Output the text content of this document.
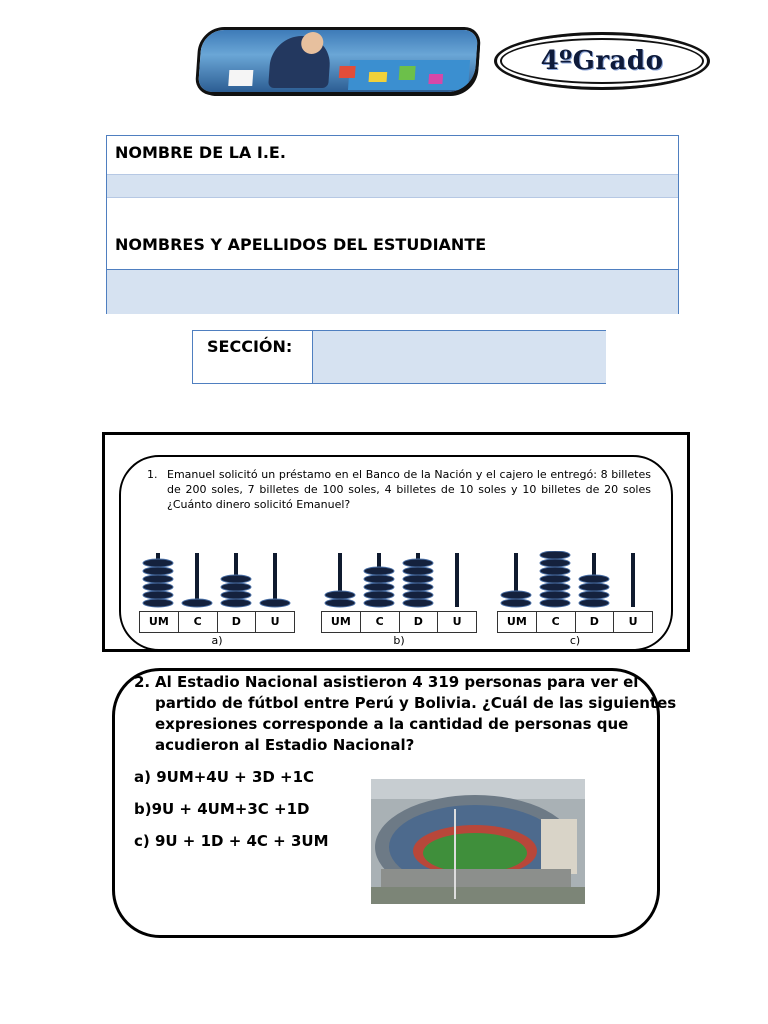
4ºGrado
NOMBRE DE LA I.E.
NOMBRES Y APELLIDOS DEL ESTUDIANTE
SECCIÓN:
1. Emanuel solicitó un préstamo en el Banco de la Nación y el cajero le entregó: 8 billetes de 200 soles, 7 billetes de 100 soles, 4 billetes de 10 soles y 10 billetes de 20 soles ¿Cuánto dinero solicitó Emanuel?
UM	C	D	U
a)
UM	C	D	U
b)
UM	C	D	U
c)
2. Al Estadio Nacional asistieron 4 319 personas para ver el partido de fútbol entre Perú y Bolivia. ¿Cuál de las siguientes expresiones corresponde a la cantidad de personas que acudieron al Estadio Nacional?
a) 9UM+4U + 3D +1C
b)9U + 4UM+3C +1D
c) 9U + 1D + 4C + 3UM
